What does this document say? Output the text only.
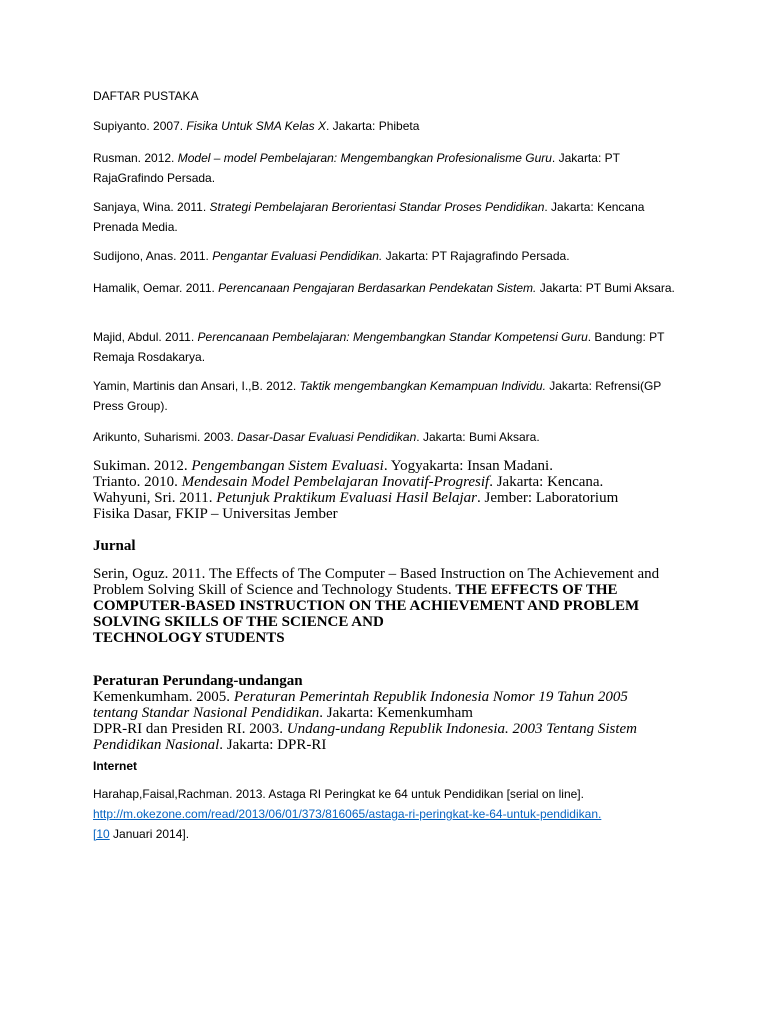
DAFTAR PUSTAKA
Supiyanto. 2007. Fisika Untuk SMA Kelas X. Jakarta: Phibeta
Rusman. 2012. Model – model Pembelajaran: Mengembangkan Profesionalisme Guru. Jakarta: PT RajaGrafindo Persada.
Sanjaya, Wina. 2011. Strategi Pembelajaran Berorientasi Standar Proses Pendidikan. Jakarta: Kencana Prenada Media.
Sudijono, Anas. 2011. Pengantar Evaluasi Pendidikan. Jakarta: PT Rajagrafindo Persada.
Hamalik, Oemar. 2011. Perencanaan Pengajaran Berdasarkan Pendekatan Sistem. Jakarta: PT Bumi Aksara.
Majid, Abdul. 2011. Perencanaan Pembelajaran: Mengembangkan Standar Kompetensi Guru. Bandung: PT Remaja Rosdakarya.
Yamin, Martinis dan Ansari, I.,B. 2012. Taktik mengembangkan Kemampuan Individu. Jakarta: Refrensi(GP Press Group).
Arikunto, Suharismi. 2003. Dasar-Dasar Evaluasi Pendidikan. Jakarta: Bumi Aksara.

Sukiman. 2012. Pengembangan Sistem Evaluasi. Yogyakarta: Insan Madani.

Trianto. 2010. Mendesain Model Pembelajaran Inovatif-Progresif. Jakarta: Kencana.

Wahyuni, Sri. 2011. Petunjuk Praktikum Evaluasi Hasil Belajar. Jember: Laboratorium Fisika Dasar, FKIP – Universitas Jember

Jurnal
Serin, Oguz. 2011. The Effects of The Computer – Based Instruction on The Achievement and Problem Solving Skill of Science and Technology Students. THE EFFECTS OF THE COMPUTER-BASED INSTRUCTION ON THE ACHIEVEMENT AND PROBLEM SOLVING SKILLS OF THE SCIENCE AND
TECHNOLOGY STUDENTS
Peraturan Perundang-undangan

Kemenkumham. 2005. Peraturan Pemerintah Republik Indonesia Nomor 19 Tahun 2005 tentang Standar Nasional Pendidikan. Jakarta: Kemenkumham

DPR-RI dan Presiden RI. 2003. Undang-undang Republik Indonesia. 2003 Tentang Sistem Pendidikan Nasional. Jakarta: DPR-RI

Internet
Harahap,Faisal,Rachman. 2013. Astaga RI Peringkat ke 64 untuk Pendidikan [serial on line].
http://m.okezone.com/read/2013/06/01/373/816065/astaga-ri-peringkat-ke-64-untuk-pendidikan.
[10 Januari 2014].
